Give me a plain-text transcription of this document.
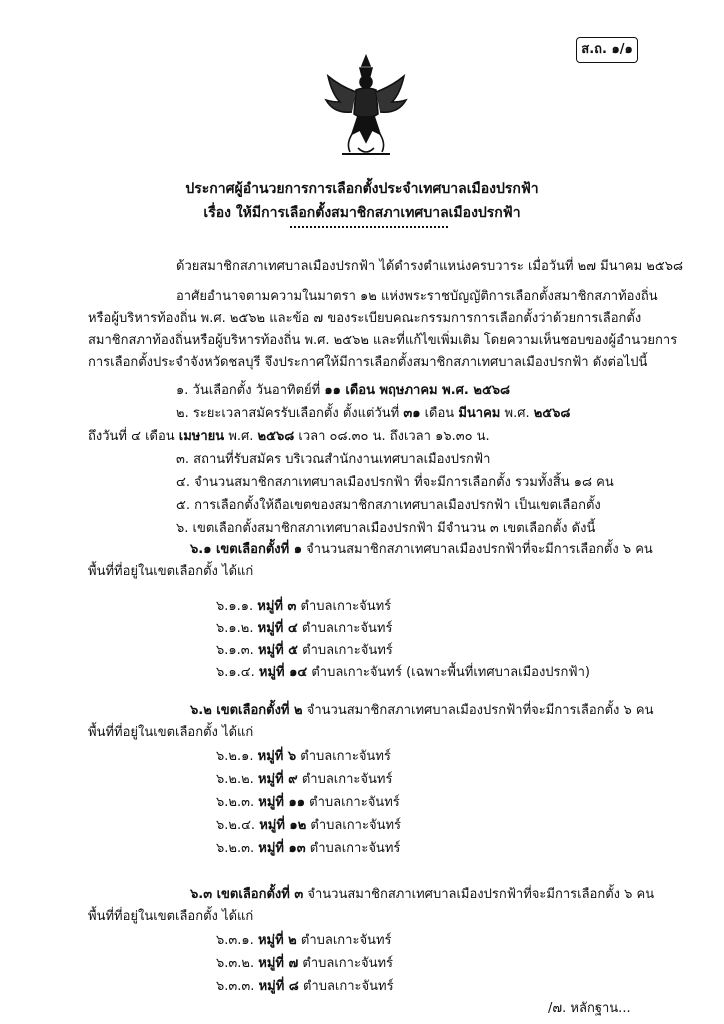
ส.ถ. ๑/๑
ประกาศผู้อำนวยการการเลือกตั้งประจำเทศบาลเมืองปรกฟ้า
เรื่อง ให้มีการเลือกตั้งสมาชิกสภาเทศบาลเมืองปรกฟ้า
ด้วยสมาชิกสภาเทศบาลเมืองปรกฟ้า ได้ดำรงตำแหน่งครบวาระ เมื่อวันที่ ๒๗ มีนาคม ๒๕๖๘
อาศัยอำนาจตามความในมาตรา ๑๒ แห่งพระราชบัญญัติการเลือกตั้งสมาชิกสภาท้องถิ่น
หรือผู้บริหารท้องถิ่น พ.ศ. ๒๕๖๒ และข้อ ๗ ของระเบียบคณะกรรมการการเลือกตั้งว่าด้วยการเลือกตั้ง
สมาชิกสภาท้องถิ่นหรือผู้บริหารท้องถิ่น พ.ศ. ๒๕๖๒ และที่แก้ไขเพิ่มเติม โดยความเห็นชอบของผู้อำนวยการ
การเลือกตั้งประจำจังหวัดชลบุรี จึงประกาศให้มีการเลือกตั้งสมาชิกสภาเทศบาลเมืองปรกฟ้า ดังต่อไปนี้
๑. วันเลือกตั้ง วันอาทิตย์ที่ ๑๑ เดือน พฤษภาคม พ.ศ. ๒๕๖๘
๒. ระยะเวลาสมัครรับเลือกตั้ง ตั้งแต่วันที่ ๓๑ เดือน มีนาคม พ.ศ. ๒๕๖๘
ถึงวันที่ ๔ เดือน เมษายน พ.ศ. ๒๕๖๘ เวลา ๐๘.๓๐ น. ถึงเวลา ๑๖.๓๐ น.
๓. สถานที่รับสมัคร บริเวณสำนักงานเทศบาลเมืองปรกฟ้า
๔. จำนวนสมาชิกสภาเทศบาลเมืองปรกฟ้า ที่จะมีการเลือกตั้ง รวมทั้งสิ้น ๑๘ คน
๕. การเลือกตั้งให้ถือเขตของสมาชิกสภาเทศบาลเมืองปรกฟ้า เป็นเขตเลือกตั้ง
๖. เขตเลือกตั้งสมาชิกสภาเทศบาลเมืองปรกฟ้า มีจำนวน ๓ เขตเลือกตั้ง ดังนี้
๖.๑ เขตเลือกตั้งที่ ๑ จำนวนสมาชิกสภาเทศบาลเมืองปรกฟ้าที่จะมีการเลือกตั้ง ๖ คน
พื้นที่ที่อยู่ในเขตเลือกตั้ง ได้แก่
๖.๑.๑. หมู่ที่ ๓ ตำบลเกาะจันทร์
๖.๑.๒. หมู่ที่ ๔ ตำบลเกาะจันทร์
๖.๑.๓. หมู่ที่ ๕ ตำบลเกาะจันทร์
๖.๑.๔. หมู่ที่ ๑๔ ตำบลเกาะจันทร์ (เฉพาะพื้นที่เทศบาลเมืองปรกฟ้า)
๖.๒ เขตเลือกตั้งที่ ๒ จำนวนสมาชิกสภาเทศบาลเมืองปรกฟ้าที่จะมีการเลือกตั้ง ๖ คน
พื้นที่ที่อยู่ในเขตเลือกตั้ง ได้แก่
๖.๒.๑. หมู่ที่ ๖ ตำบลเกาะจันทร์
๖.๒.๒. หมู่ที่ ๙ ตำบลเกาะจันทร์
๖.๒.๓. หมู่ที่ ๑๑ ตำบลเกาะจันทร์
๖.๒.๔. หมู่ที่ ๑๒ ตำบลเกาะจันทร์
๖.๒.๓. หมู่ที่ ๑๓ ตำบลเกาะจันทร์
๖.๓ เขตเลือกตั้งที่ ๓ จำนวนสมาชิกสภาเทศบาลเมืองปรกฟ้าที่จะมีการเลือกตั้ง ๖ คน
พื้นที่ที่อยู่ในเขตเลือกตั้ง ได้แก่
๖.๓.๑. หมู่ที่ ๒ ตำบลเกาะจันทร์
๖.๓.๒. หมู่ที่ ๗ ตำบลเกาะจันทร์
๖.๓.๓. หมู่ที่ ๘ ตำบลเกาะจันทร์
/๗. หลักฐาน...
